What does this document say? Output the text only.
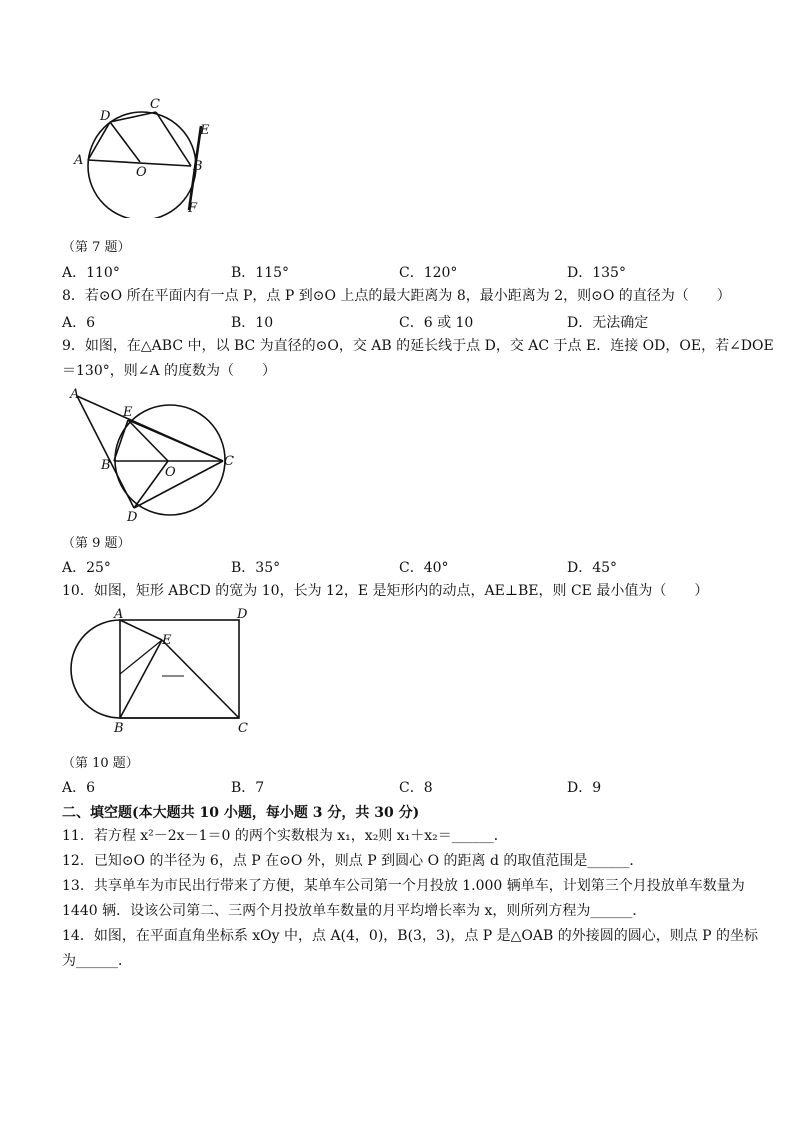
A	B
C
D
E
F
O
（第 7 题）
A．110°	B．115°	C．120°	D．135°
8．若⊙O 所在平面内有一点 P，点 P 到⊙O 上点的最大距离为 8，最小距离为 2，则⊙O 的直径为（　　）
A．6	B．10	C．6 或 10	D．无法确定
9．如图，在△ABC 中，以 BC 为直径的⊙O，交 AB 的延长线于点 D，交 AC 于点 E．连接 OD，OE，若∠DOE
＝130°，则∠A 的度数为（　　）
A
B	C
D
E
O
（第 9 题）
A．25°	B．35°	C．40°	D．45°
10．如图，矩形 ABCD 的宽为 10，长为 12，E 是矩形内的动点，AE⊥BE，则 CE 最小值为（　　）
A
B	C
D
E
（第 10 题）
A．6	B．7	C．8	D．9
二、填空题(本大题共 10 小题，每小题 3 分，共 30 分)
11．若方程 x²－2x－1＝0 的两个实数根为 x₁，x₂则 x₁＋x₂＝______．
12．已知⊙O 的半径为 6，点 P 在⊙O 外，则点 P 到圆心 O 的距离 d 的取值范围是______．
13．共享单车为市民出行带来了方便，某单车公司第一个月投放 1.000 辆单车，计划第三个月投放单车数量为
1440 辆．设该公司第二、三两个月投放单车数量的月平均增长率为 x，则所列方程为______．
14．如图，在平面直角坐标系 xOy 中，点 A(4，0)，B(3，3)，点 P 是△OAB 的外接圆的圆心，则点 P 的坐标
为______．
